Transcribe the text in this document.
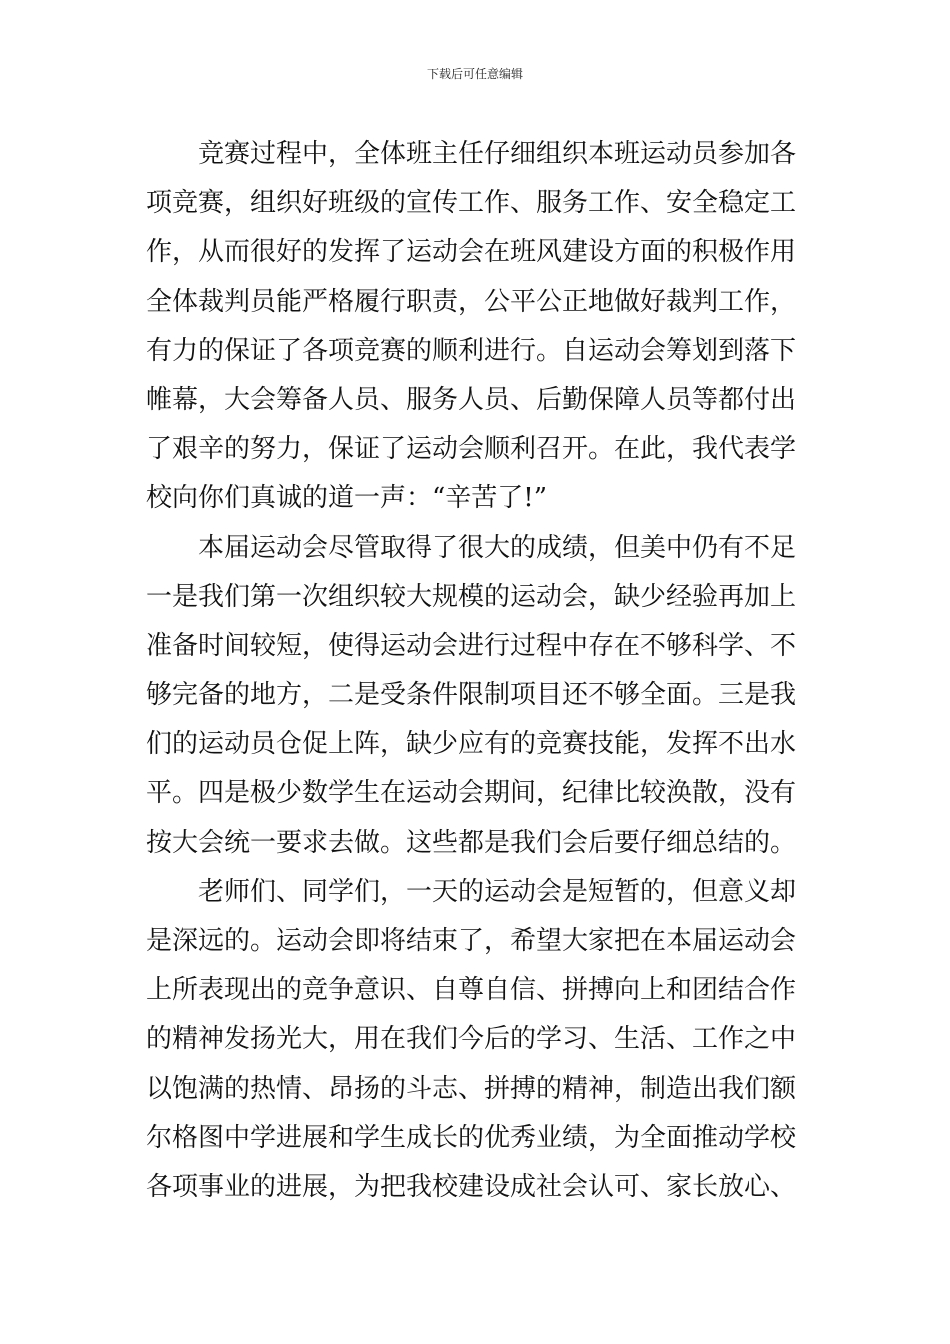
下载后可任意编辑
竞赛过程中，全体班主任仔细组织本班运动员参加各
项竞赛，组织好班级的宣传工作、服务工作、安全稳定工
作，从而很好的发挥了运动会在班风建设方面的积极作用
全体裁判员能严格履行职责，公平公正地做好裁判工作，
有力的保证了各项竞赛的顺利进行。自运动会筹划到落下
帷幕，大会筹备人员、服务人员、后勤保障人员等都付出
了艰辛的努力，保证了运动会顺利召开。在此，我代表学
校向你们真诚的道一声：“辛苦了!”
本届运动会尽管取得了很大的成绩，但美中仍有不足
一是我们第一次组织较大规模的运动会，缺少经验再加上
准备时间较短，使得运动会进行过程中存在不够科学、不
够完备的地方，二是受条件限制项目还不够全面。三是我
们的运动员仓促上阵，缺少应有的竞赛技能，发挥不出水
平。四是极少数学生在运动会期间，纪律比较涣散，没有
按大会统一要求去做。这些都是我们会后要仔细总结的。
老师们、同学们，一天的运动会是短暂的，但意义却
是深远的。运动会即将结束了，希望大家把在本届运动会
上所表现出的竞争意识、自尊自信、拼搏向上和团结合作
的精神发扬光大，用在我们今后的学习、生活、工作之中
以饱满的热情、昂扬的斗志、拼搏的精神，制造出我们额
尔格图中学进展和学生成长的优秀业绩，为全面推动学校
各项事业的进展，为把我校建设成社会认可、家长放心、
